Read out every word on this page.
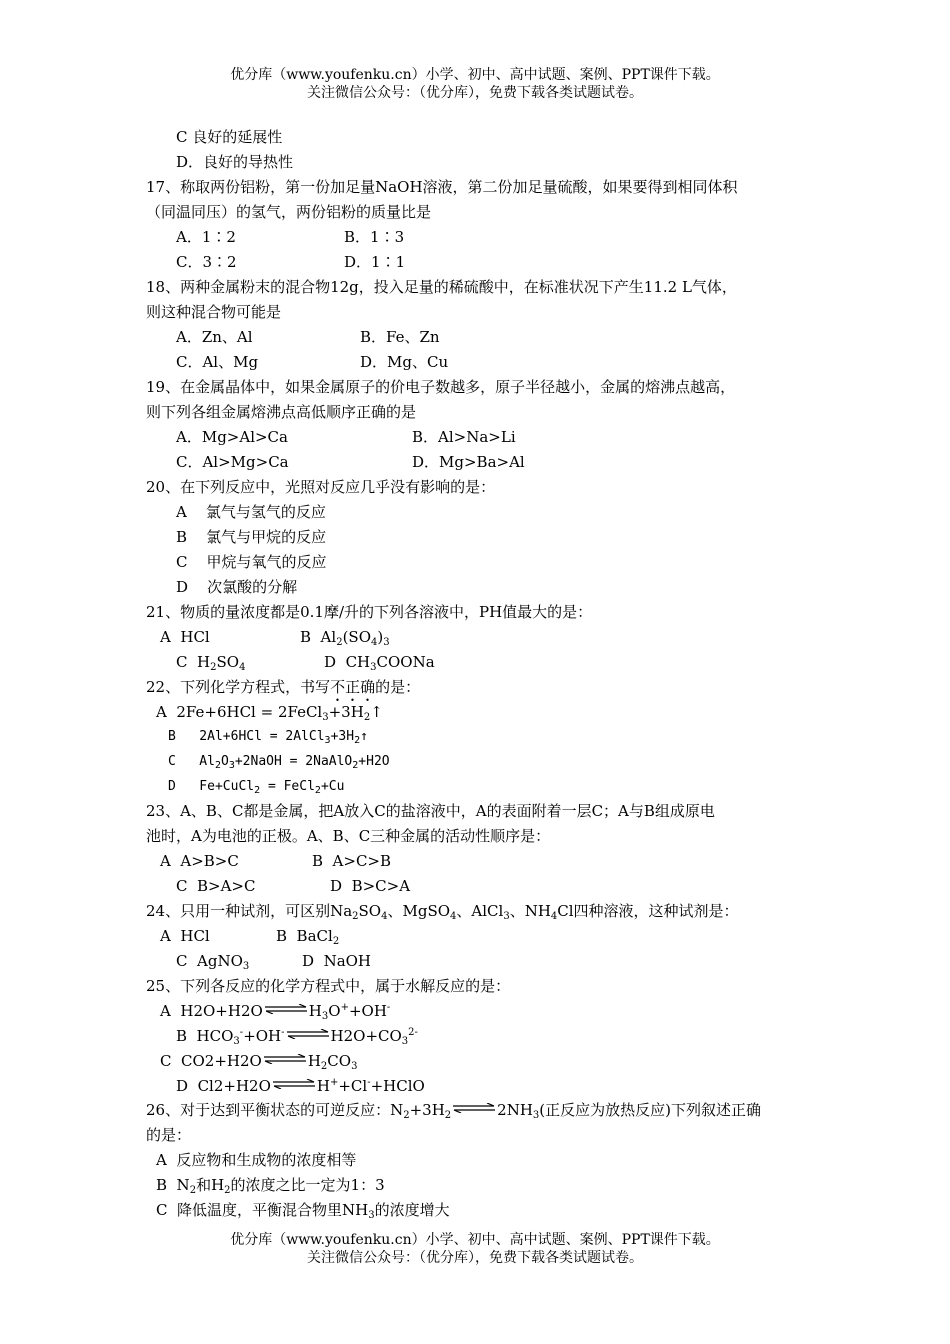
优分库（www.youfenku.cn）小学、初中、高中试题、案例、PPT课件下载。
关注微信公众号：（优分库），免费下载各类试题试卷。
C 良好的延展性
D．良好的导热性
17、称取两份铝粉，第一份加足量NaOH溶液，第二份加足量硫酸，如果要得到相同体积
（同温同压）的氢气，两份铝粉的质量比是
A．1∶2	B．1∶3
C．3∶2	D．1∶1
18、两种金属粉末的混合物12g，投入足量的稀硫酸中，在标准状况下产生11.2 L气体，
则这种混合物可能是
A．Zn、Al	B．Fe、Zn
C．Al、Mg	D．Mg、Cu
19、在金属晶体中，如果金属原子的价电子数越多，原子半径越小，金属的熔沸点越高，
则下列各组金属熔沸点高低顺序正确的是
A．Mg>Al>Ca	B．Al>Na>Li
C．Al>Mg>Ca	D．Mg>Ba>Al
20、在下列反应中，光照对反应几乎没有影响的是：
A    氯气与氢气的反应
B    氯气与甲烷的反应
C    甲烷与氧气的反应
D    次氯酸的分解
21、物质的量浓度都是0.1摩/升的下列各溶液中，PH值最大的是：
A  HCl	B  $Al_2(SO_4)_3$
C  $H_2SO_4$	D  $CH_3COONa$
22、下列化学方程式，书写不正确的是：
A  $2Fe+6HCl = 2FeCl_3+3H_2↑$
B   $2Al+6HCl = 2AlCl_3+3H_2↑$
C   $Al_2O_3+2NaOH$ = 2NaAlO$_2$+H2O
D   Fe+CuCl$_2$ = FeCl$_2$+Cu
23、A、B、C都是金属，把A放入C的盐溶液中，A的表面附着一层C；A与B组成原电
池时，A为电池的正极。A、B、C三种金属的活动性顺序是：
A  A>B>C	B  A>C>B
C  B>A>C	D  B>C>A
24、只用一种试剂，可区别$Na_2SO_4$、MgSO$_4$、AlCl$_3$、$NH_4Cl$四种溶液，这种试剂是：
A  HCl	B  BaCl$_2$
C  AgNO$_3$	D  NaOH
25、下列各反应的化学方程式中，属于水解反应的是：
A  $H2O+H2O\rightleftharpoons H_3O^++OH^-$
B  $HCO_3^-+OH^-\rightleftharpoons H2O+CO_3^{2-}$
C  $CO2+H2O\rightleftharpoons H_2CO_3$
D  Cl2+H2O⇌H++Cl-+HClO
26、对于达到平衡状态的可逆反应：$N_2+3H_2$ $\rightleftharpoons 2NH_3$(正反应为放热反应)下列叙述正确
的是：
A  反应物和生成物的浓度相等
B  $N_2$和$H_2$的浓度之比一定为1：3
C  降低温度，平衡混合物里$NH_3$的浓度增大
优分库（www.youfenku.cn）小学、初中、高中试题、案例、PPT课件下载。
关注微信公众号：（优分库），免费下载各类试题试卷。
